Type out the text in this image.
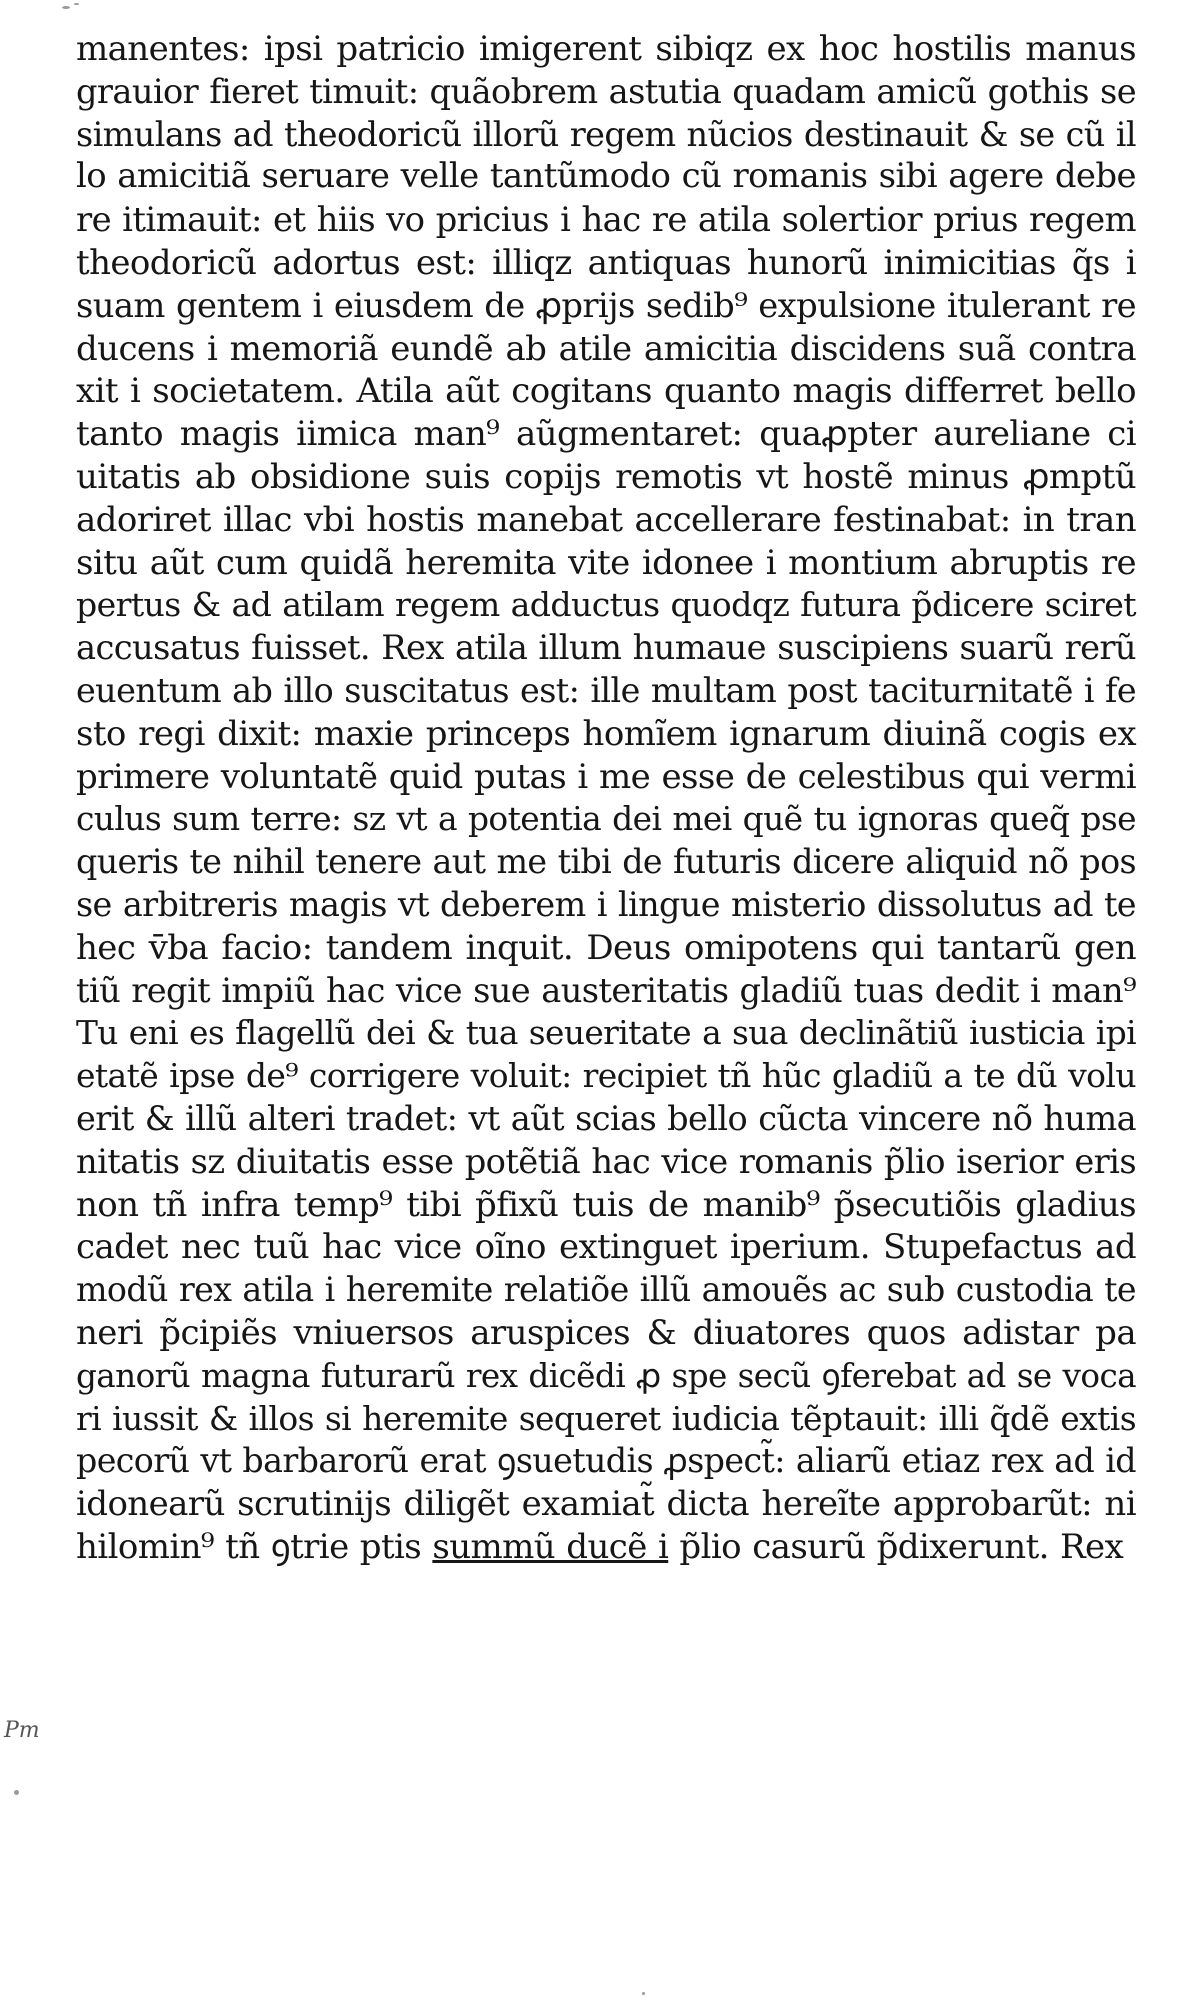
manentes: ipsi patricio imigerent sibiqz ex hoc hostilis manus
grauior fieret timuit: quãobrem astutia quadam amicũ gothis se
simulans ad theodoricũ illorũ regem nũcios destinauit & se cũ il
lo amicitiã seruare velle tantũmodo cũ romanis sibi agere debe
re itimauit: et hiis vo pricius i hac re atila solertior prius regem
theodoricũ adortus est: illiqz antiquas hunorũ inimicitias q̃s i
suam gentem i eiusdem de ꝓprijs sedib⁹ expulsione itulerant re
ducens i memoriã eundẽ ab atile amicitia discidens suã contra
xit i societatem. Atila aũt cogitans quanto magis differret bello
tanto magis iimica man⁹ aũgmentaret: quaꝓpter aureliane ci
uitatis ab obsidione suis copijs remotis vt hostẽ minus ꝓmptũ
adoriret illac vbi hostis manebat accellerare festinabat: in tran
situ aũt cum quidã heremita vite idonee i montium abruptis re
pertus & ad atilam regem adductus quodqz futura p̃dicere sciret
accusatus fuisset. Rex atila illum humaue suscipiens suarũ rerũ
euentum ab illo suscitatus est: ille multam post taciturnitatẽ i fe
sto regi dixit: maxie princeps homĩem ignarum diuinã cogis ex
primere voluntatẽ quid putas i me esse de celestibus qui vermi
culus sum terre: sz vt a potentia dei mei quẽ tu ignoras queq̃ pse
queris te nihil tenere aut me tibi de futuris dicere aliquid nõ pos
se arbitreris magis vt deberem i lingue misterio dissolutus ad te
hec v̄ba facio: tandem inquit. Deus omipotens qui tantarũ gen
tiũ regit impiũ hac vice sue austeritatis gladiũ tuas dedit i man⁹
Tu eni es flagellũ dei & tua seueritate a sua declinãtiũ iusticia ipi
etatẽ ipse de⁹ corrigere voluit: recipiet tñ hũc gladiũ a te dũ volu
erit & illũ alteri tradet: vt aũt scias bello cũcta vincere nõ huma
nitatis sz diuitatis esse potẽtiã hac vice romanis p̃lio iserior eris
non tñ infra temp⁹ tibi p̃fixũ tuis de manib⁹ p̃secutiõis gladius
cadet nec tuũ hac vice oĩno extinguet iperium. Stupefactus ad
modũ rex atila i heremite relatiõe illũ amouẽs ac sub custodia te
neri p̃cipiẽs vniuersos aruspices & diuatores quos adistar pa
ganorũ magna futurarũ rex dicẽdi ꝓ spe secũ ꝯferebat ad se voca
ri iussit & illos si heremite sequeret iudicia tẽptauit: illi q̃dẽ extis
pecorũ vt barbarorũ erat ꝯsuetudis ꝓspect̃: aliarũ etiaz rex ad id
idonearũ scrutinijs diligẽt examiat̃ dicta hereĩte approbarũt: ni
hilomin⁹ tñ ꝯtrie ptis summũ ducẽ i p̃lio casurũ p̃dixerunt. Rex
Pm
